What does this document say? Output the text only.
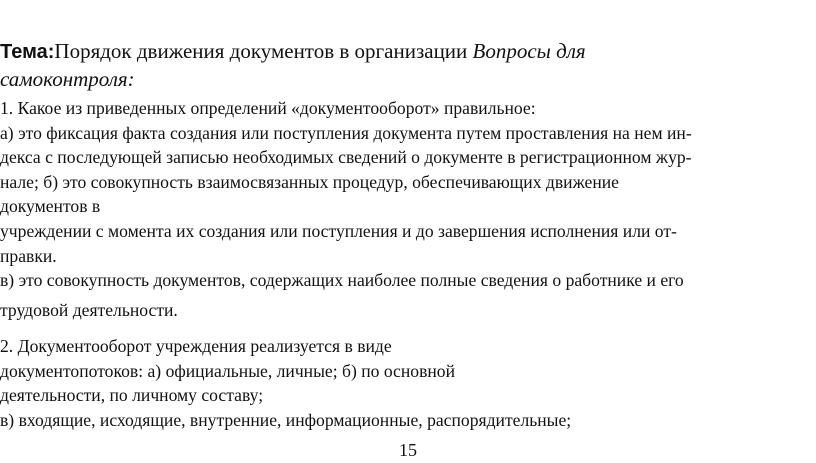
Тема:Порядок движения документов в организации Вопросы для
самоконтроля:
1. Какое из приведенных определений «документооборот» правильное:
а) это фиксация факта создания или поступления документа путем проставления на нем ин-
декса с последующей записью необходимых сведений о документе в регистрационном жур-
нале; б) это совокупность взаимосвязанных процедур, обеспечивающих движение
документов в
учреждении с момента их создания или поступления и до завершения исполнения или от-
правки.
в) это совокупность документов, содержащих наиболее полные сведения о работнике и его
трудовой деятельности.
2. Документооборот учреждения реализуется в виде
документопотоков: а) официальные, личные; б) по основной
деятельности, по личному составу;
в) входящие, исходящие, внутренние, информационные, распорядительные;
15
